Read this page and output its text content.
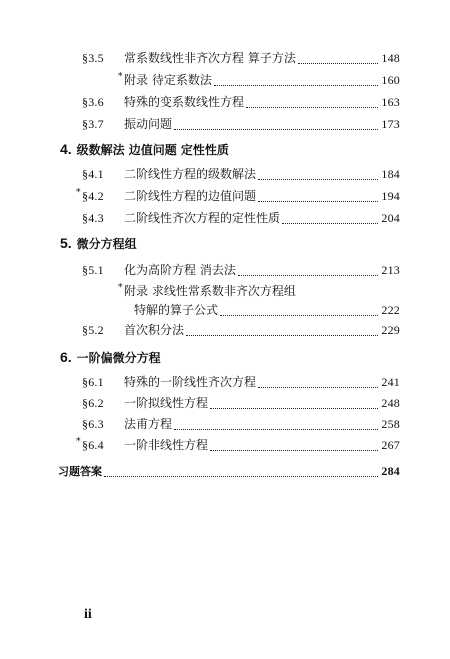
§3.5	常系数线性非齐次方程 算子方法	148
* 附录 待定系数法	160
§3.6	特殊的变系数线性方程	163
§3.7	振动问题	173
4. 级数解法 边值问题 定性性质
§4.1	二阶线性方程的级数解法	184
* §4.2	二阶线性方程的边值问题	194
§4.3	二阶线性齐次方程的定性性质	204
5. 微分方程组
§5.1	化为高阶方程 消去法	213
* 附录 求线性常系数非齐次方程组
特解的算子公式	222
§5.2	首次积分法	229
6. 一阶偏微分方程
§6.1	特殊的一阶线性齐次方程	241
§6.2	一阶拟线性方程	248
§6.3	法甫方程	258
* §6.4	一阶非线性方程	267
习题答案	284
ii
